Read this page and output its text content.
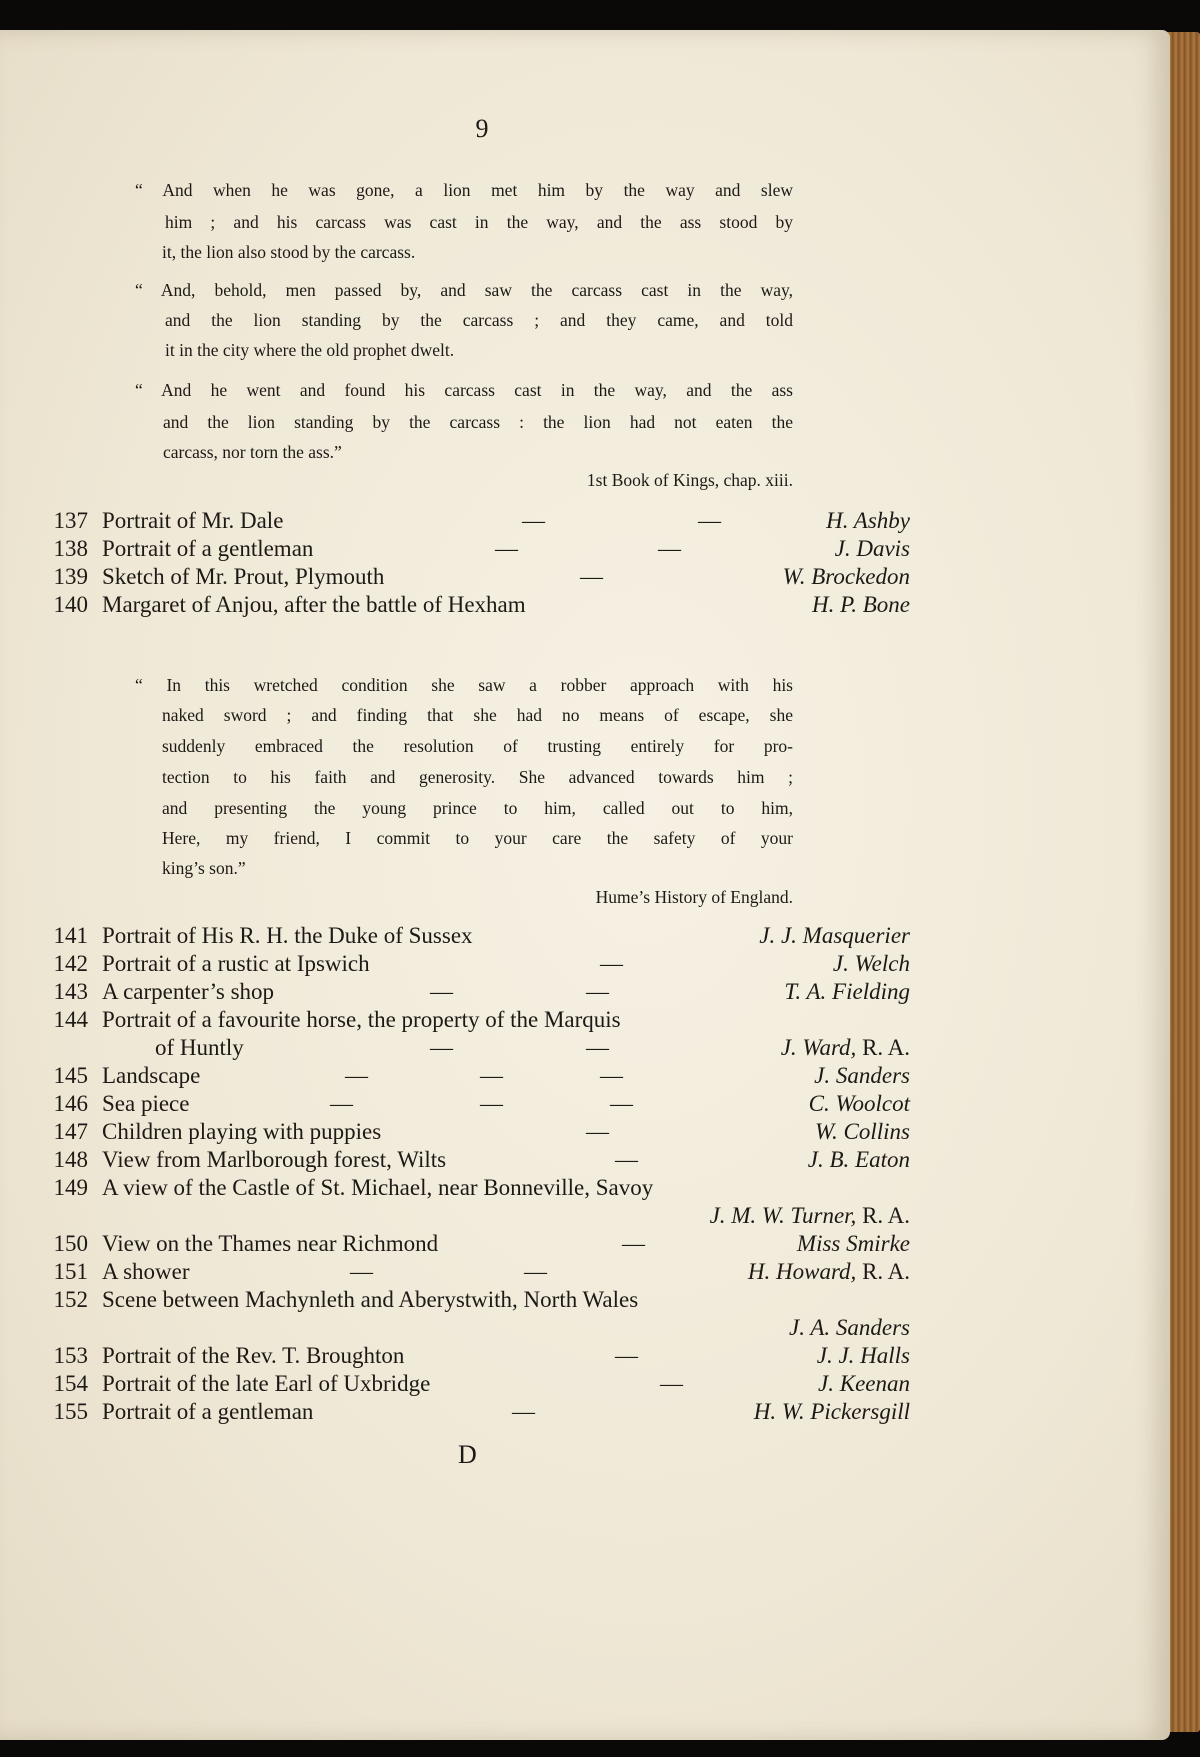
9
“ And when he was gone, a lion met him by the way and slew
him ; and his carcass was cast in the way, and the ass stood by
it, the lion also stood by the carcass.
“ And, behold, men passed by, and saw the carcass cast in the way,
and the lion standing by the carcass ; and they came, and told
it in the city where the old prophet dwelt.
“ And he went and found his carcass cast in the way, and the ass
and the lion standing by the carcass : the lion had not eaten the
carcass, nor torn the ass.”
1st Book of Kings, chap. xiii.
137 Portrait of Mr. Dale	—	—	H. Ashby
138 Portrait of a gentleman	—	—	J. Davis
139 Sketch of Mr. Prout, Plymouth	—	W. Brockedon
140 Margaret of Anjou, after the battle of Hexham	H. P. Bone
“ In this wretched condition she saw a robber approach with his
naked sword ; and finding that she had no means of escape, she
suddenly embraced the resolution of trusting entirely for pro-
tection to his faith and generosity. She advanced towards him ;
and presenting the young prince to him, called out to him,
Here, my friend, I commit to your care the safety of your
king’s son.”
Hume’s History of England.
141 Portrait of His R. H. the Duke of Sussex	J. J. Masquerier
142 Portrait of a rustic at Ipswich	—	J. Welch
143 A carpenter’s shop	—	—	T. A. Fielding
144 Portrait of a favourite horse, the property of the Marquis
of Huntly	—	—	J. Ward, R. A.
145 Landscape	—	—	—	J. Sanders
146 Sea piece	—	—	—	C. Woolcot
147 Children playing with puppies	—	W. Collins
148 View from Marlborough forest, Wilts	—	J. B. Eaton
149 A view of the Castle of St. Michael, near Bonneville, Savoy
J. M. W. Turner, R. A.
150 View on the Thames near Richmond	—	Miss Smirke
151 A shower	—	—	H. Howard, R. A.
152 Scene between Machynleth and Aberystwith, North Wales
J. A. Sanders
153 Portrait of the Rev. T. Broughton	—	J. J. Halls
154 Portrait of the late Earl of Uxbridge	—	J. Keenan
155 Portrait of a gentleman	—	H. W. Pickersgill
D
